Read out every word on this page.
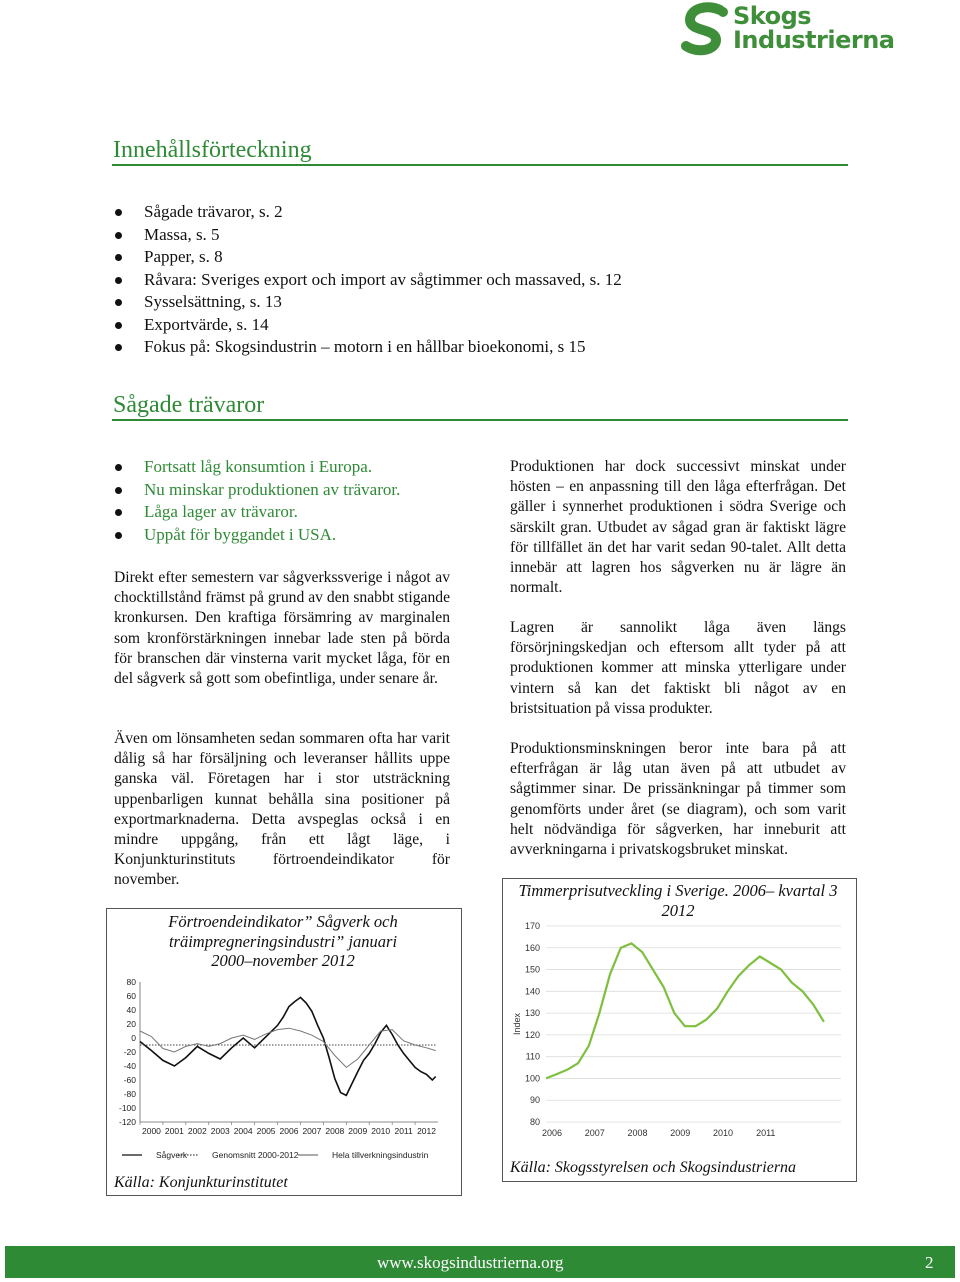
Skogs
Industrierna
Innehållsförteckning
Sågade trävaror, s. 2
Massa, s. 5
Papper, s. 8
Råvara: Sveriges export och import av sågtimmer och massaved, s. 12
Sysselsättning, s. 13
Exportvärde, s. 14
Fokus på: Skogsindustrin – motorn i en hållbar bioekonomi, s 15
Sågade trävaror
Fortsatt låg konsumtion i Europa.
Nu minskar produktionen av trävaror.
Låga lager av trävaror.
Uppåt för byggandet i USA.

Direkt efter semestern var sågverkssverige i något av chocktillstånd främst på grund av den snabbt stigande kronkursen. Den kraftiga försämring av marginalen som kronförstärkningen innebar lade sten på börda för branschen där vinsterna varit mycket låga, för en del sågverk så gott som obefintliga, under senare år.

Även om lönsamheten sedan sommaren ofta har varit dålig så har försäljning och leveranser hållits uppe ganska väl. Företagen har i stor utsträckning uppenbarligen kunnat behålla sina positioner på exportmarknaderna. Detta avspeglas också i en mindre uppgång, från ett lågt läge, i Konjunkturinstituts förtroendeindikator för november.

Produktionen har dock successivt minskat under hösten – en anpassning till den låga efterfrågan. Det gäller i synnerhet produktionen i södra Sverige och särskilt gran. Utbudet av sågad gran är faktiskt lägre för tillfället än det har varit sedan 90-talet. Allt detta innebär att lagren hos sågverken nu är lägre än normalt.

Lagren är sannolikt låga även längs försörjningskedjan och eftersom allt tyder på att produktionen kommer att minska ytterligare under vintern så kan det faktiskt bli något av en bristsituation på vissa produkter.

Produktionsminskningen beror inte bara på att efterfrågan är låg utan även på att utbudet av sågtimmer sinar. De prissänkningar på timmer som genomförts under året (se diagram), och som varit helt nödvändiga för sågverken, har inneburit att avverkningarna i privatskogsbruket minskat.

Förtroendeindikator” Sågverk och träimpregneringsindustri” januari 2000–november 2012
80
60
40
20
0
-20
-40
-60
-80
-100
-120
2000 2001 2002 2003 2004 2005 2006 2007 2008 2009 2010 2011 2012
Sågverk	Genomsnitt 2000-2012	Hela tillverkningsindustrin
Källa: Konjunkturinstitutet
Timmerprisutveckling i Sverige. 2006– kvartal 3 2012
170
160
150
140
130
120
110
100
90
80
2006	2007	2008	2009	2010	2011
Index
Källa: Skogsstyrelsen och Skogsindustrierna
www.skogsindustrierna.org	2
